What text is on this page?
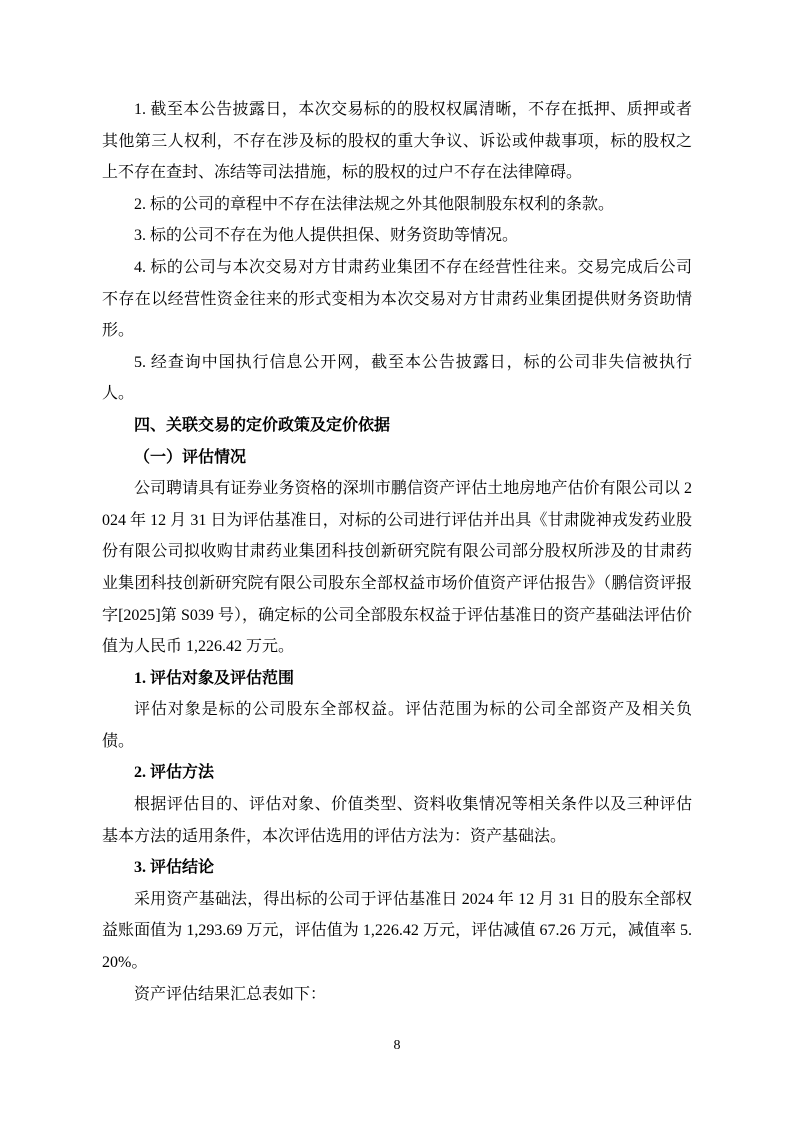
1. 截至本公告披露日，本次交易标的的股权权属清晰，不存在抵押、质押或者其他第三人权利，不存在涉及标的股权的重大争议、诉讼或仲裁事项，标的股权之上不存在查封、冻结等司法措施，标的股权的过户不存在法律障碍。

2. 标的公司的章程中不存在法律法规之外其他限制股东权利的条款。

3. 标的公司不存在为他人提供担保、财务资助等情况。

4. 标的公司与本次交易对方甘肃药业集团不存在经营性往来。交易完成后公司不存在以经营性资金往来的形式变相为本次交易对方甘肃药业集团提供财务资助情形。

5. 经查询中国执行信息公开网，截至本公告披露日，标的公司非失信被执行人。

四、关联交易的定价政策及定价依据

（一）评估情况

公司聘请具有证券业务资格的深圳市鹏信资产评估土地房地产估价有限公司以 2024 年 12 月 31 日为评估基准日，对标的公司进行评估并出具《甘肃陇神戎发药业股份有限公司拟收购甘肃药业集团科技创新研究院有限公司部分股权所涉及的甘肃药业集团科技创新研究院有限公司股东全部权益市场价值资产评估报告》（鹏信资评报字[2025]第 S039 号），确定标的公司全部股东权益于评估基准日的资产基础法评估价值为人民币 1,226.42 万元。

1. 评估对象及评估范围

评估对象是标的公司股东全部权益。评估范围为标的公司全部资产及相关负债。

2. 评估方法

根据评估目的、评估对象、价值类型、资料收集情况等相关条件以及三种评估基本方法的适用条件，本次评估选用的评估方法为：资产基础法。

3. 评估结论

采用资产基础法，得出标的公司于评估基准日 2024 年 12 月 31 日的股东全部权益账面值为 1,293.69 万元，评估值为 1,226.42 万元，评估减值 67.26 万元，减值率 5.20%。

资产评估结果汇总表如下：

8
